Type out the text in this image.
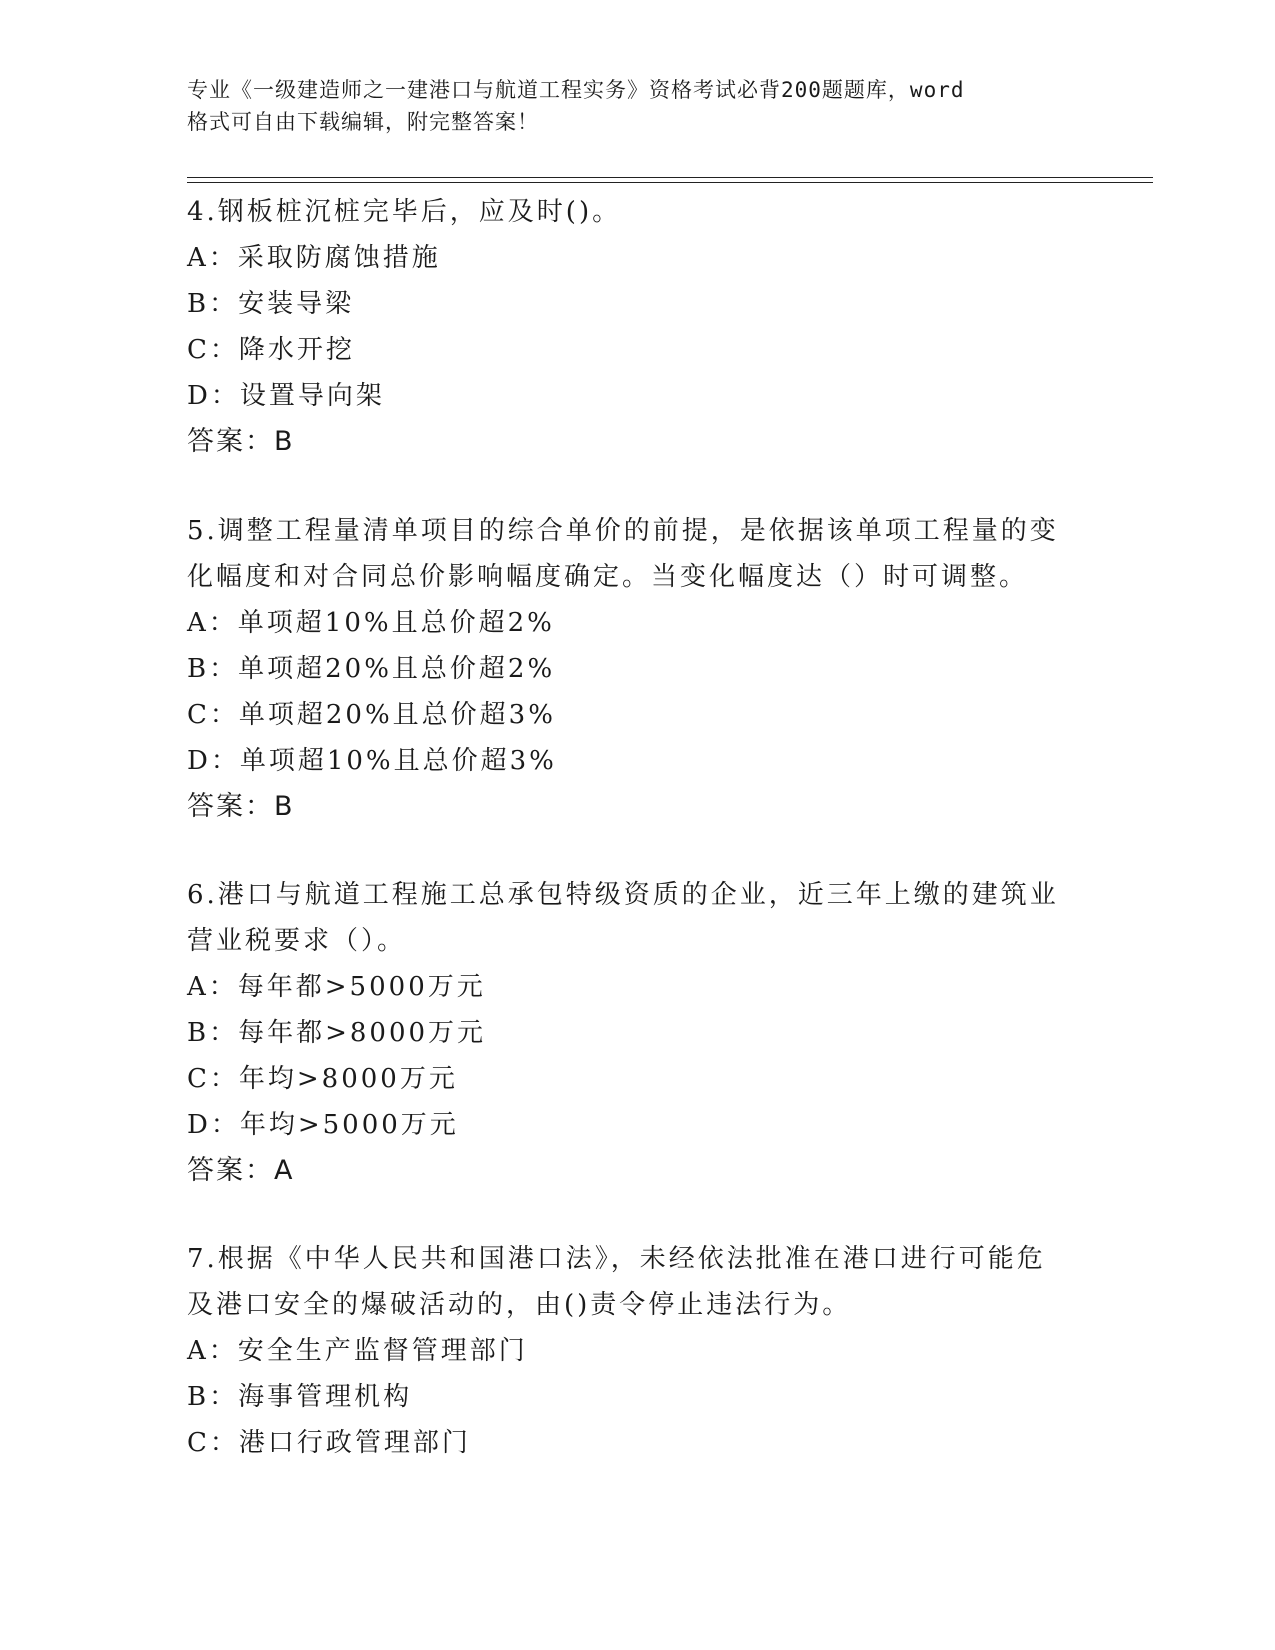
专业《一级建造师之一建港口与航道工程实务》资格考试必背200题题库，word
格式可自由下载编辑，附完整答案！

4.钢板桩沉桩完毕后，应及时()。

A：采取防腐蚀措施

B：安装导梁

C：降水开挖

D：设置导向架

答案：B

5.调整工程量清单项目的综合单价的前提，是依据该单项工程量的变

化幅度和对合同总价影响幅度确定。当变化幅度达（）时可调整。

A：单项超10%且总价超2%

B：单项超20%且总价超2%

C：单项超20%且总价超3%

D：单项超10%且总价超3%

答案：B

6.港口与航道工程施工总承包特级资质的企业，近三年上缴的建筑业

营业税要求（）。

A：每年都>5000万元

B：每年都>8000万元

C：年均>8000万元

D：年均>5000万元

答案：A

7.根据《中华人民共和国港口法》，未经依法批准在港口进行可能危

及港口安全的爆破活动的，由()责令停止违法行为。

A：安全生产监督管理部门

B：海事管理机构

C：港口行政管理部门
